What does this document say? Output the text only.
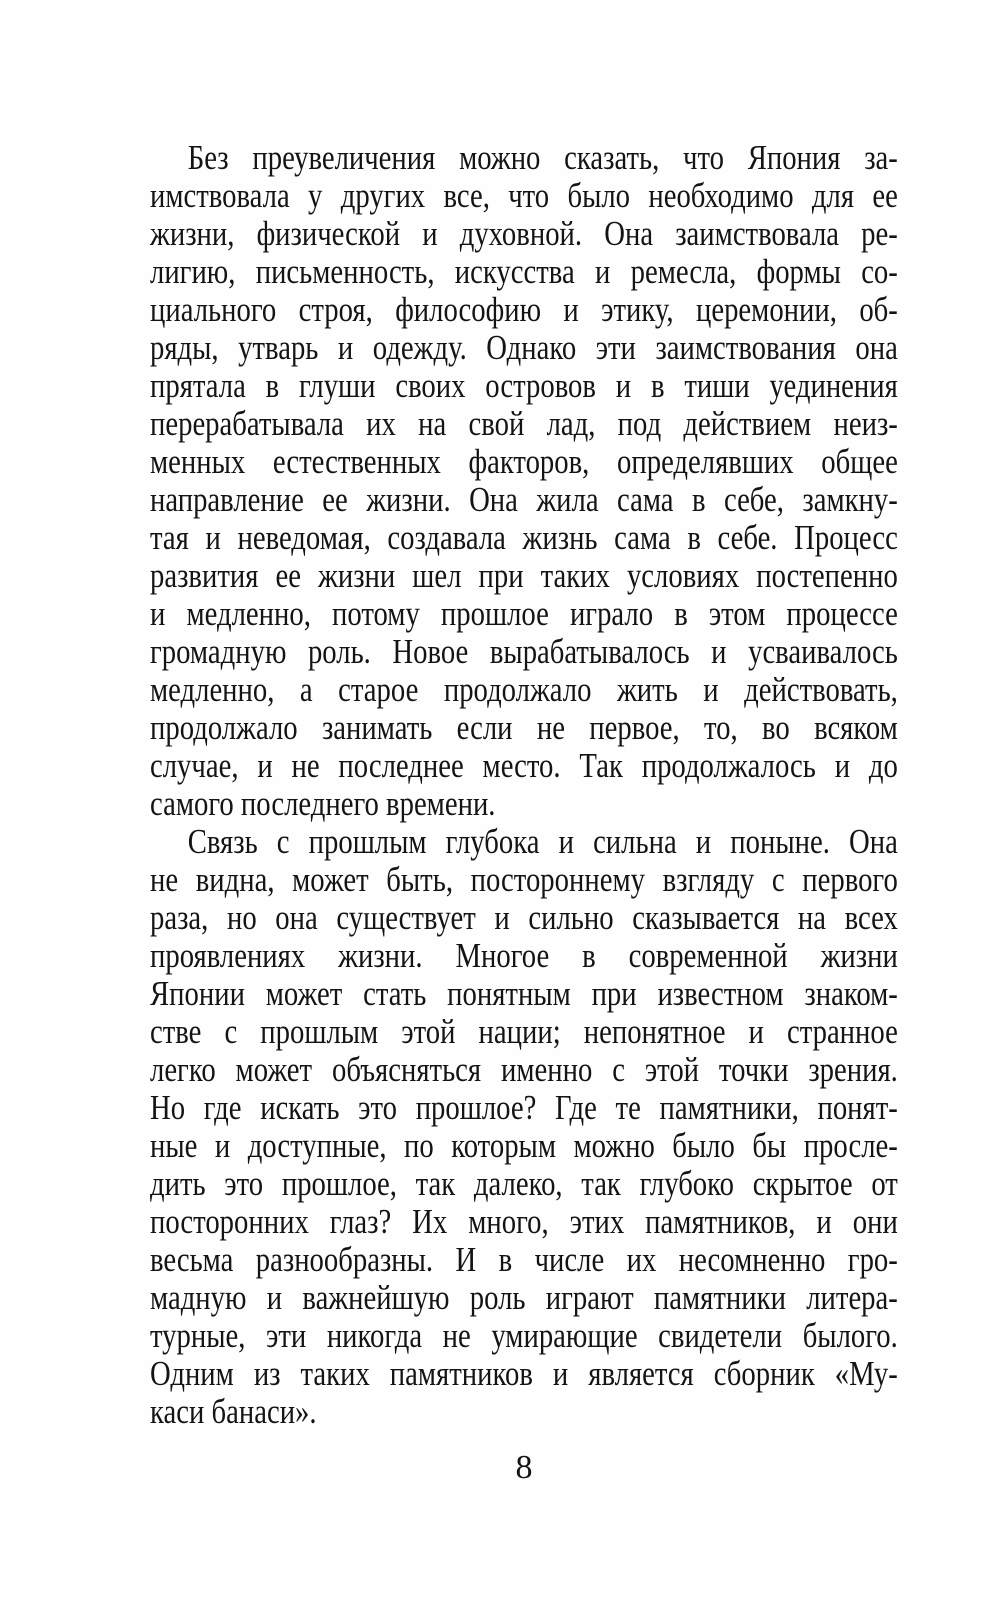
Без преувеличения можно сказать, что Япония за-
имствовала у других все, что было необходимо для ее
жизни, физической и духовной. Она заимствовала ре-
лигию, письменность, искусства и ремесла, формы со-
циального строя, философию и этику, церемонии, об-
ряды, утварь и одежду. Однако эти заимствования она
прятала в глуши своих островов и в тиши уединения
перерабатывала их на свой лад, под действием неиз-
менных естественных факторов, определявших общее
направление ее жизни. Она жила сама в себе, замкну-
тая и неведомая, создавала жизнь сама в себе. Процесс
развития ее жизни шел при таких условиях постепенно
и медленно, потому прошлое играло в этом процессе
громадную роль. Новое вырабатывалось и усваивалось
медленно, а старое продолжало жить и действовать,
продолжало занимать если не первое, то, во всяком
случае, и не последнее место. Так продолжалось и до
самого последнего времени.
Связь с прошлым глубока и сильна и поныне. Она
не видна, может быть, постороннему взгляду с первого
раза, но она существует и сильно сказывается на всех
проявлениях жизни. Многое в современной жизни
Японии может стать понятным при известном знаком-
стве с прошлым этой нации; непонятное и странное
легко может объясняться именно с этой точки зрения.
Но где искать это прошлое? Где те памятники, понят-
ные и доступные, по которым можно было бы просле-
дить это прошлое, так далеко, так глубоко скрытое от
посторонних глаз? Их много, этих памятников, и они
весьма разнообразны. И в числе их несомненно гро-
мадную и важнейшую роль играют памятники литера-
турные, эти никогда не умирающие свидетели былого.
Одним из таких памятников и является сборник «Му-
каси банаси».
8
